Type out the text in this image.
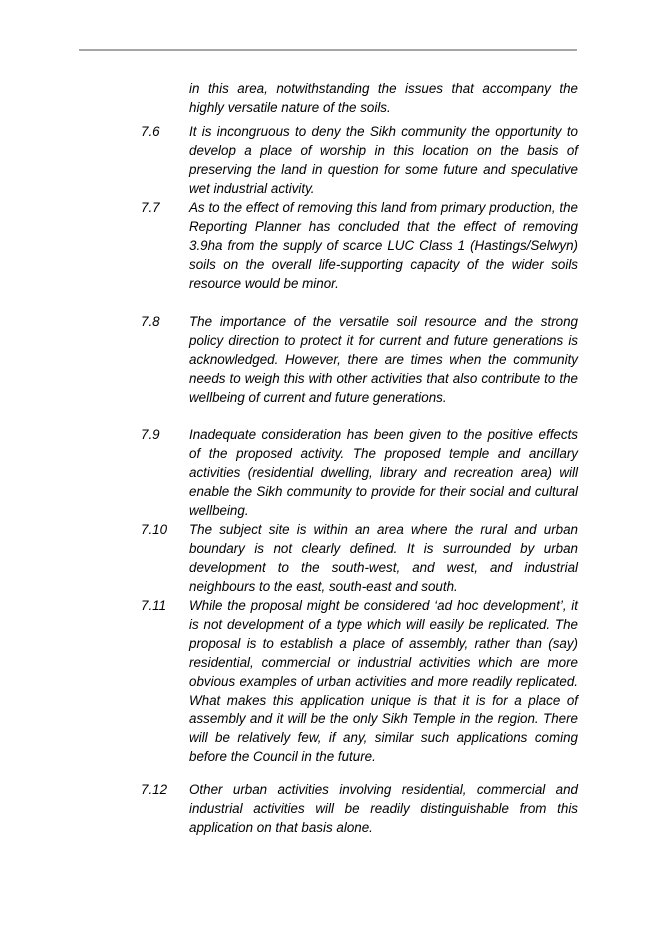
in this area, notwithstanding the issues that accompany the highly versatile nature of the soils.
7.6 It is incongruous to deny the Sikh community the opportunity to develop a place of worship in this location on the basis of preserving the land in question for some future and speculative wet industrial activity.
7.7 As to the effect of removing this land from primary production, the Reporting Planner has concluded that the effect of removing 3.9ha from the supply of scarce LUC Class 1 (Hastings/Selwyn) soils on the overall life-supporting capacity of the wider soils resource would be minor.
7.8 The importance of the versatile soil resource and the strong policy direction to protect it for current and future generations is acknowledged. However, there are times when the community needs to weigh this with other activities that also contribute to the wellbeing of current and future generations.
7.9 Inadequate consideration has been given to the positive effects of the proposed activity. The proposed temple and ancillary activities (residential dwelling, library and recreation area) will enable the Sikh community to provide for their social and cultural wellbeing.
7.10 The subject site is within an area where the rural and urban boundary is not clearly defined. It is surrounded by urban development to the south-west, and west, and industrial neighbours to the east, south-east and south.
7.11 While the proposal might be considered ‘ad hoc development’, it is not development of a type which will easily be replicated. The proposal is to establish a place of assembly, rather than (say) residential, commercial or industrial activities which are more obvious examples of urban activities and more readily replicated. What makes this application unique is that it is for a place of assembly and it will be the only Sikh Temple in the region. There will be relatively few, if any, similar such applications coming before the Council in the future.
7.12 Other urban activities involving residential, commercial and industrial activities will be readily distinguishable from this application on that basis alone.
